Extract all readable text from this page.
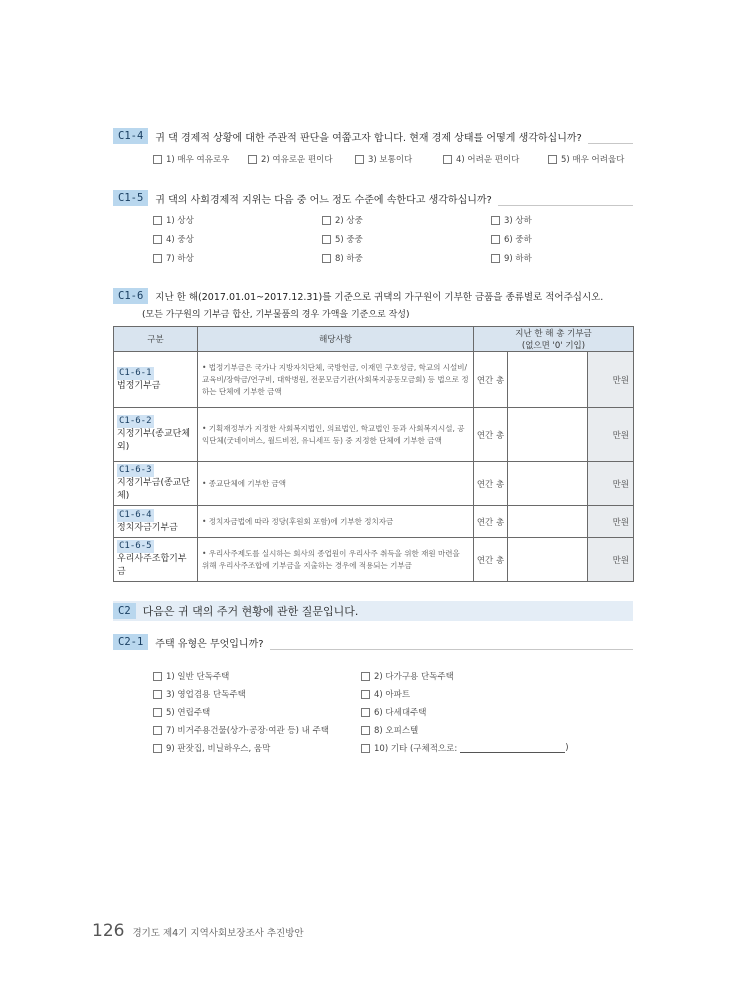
C1-4	귀 댁 경제적 상황에 대한 주관적 판단을 여쭙고자 합니다. 현재 경제 상태를 어떻게 생각하십니까?
1) 매우 여유로우	2) 여유로운 편이다	3) 보통이다	4) 어려운 편이다	5) 매우 어려웁다
C1-5	귀 댁의 사회경제적 지위는 다음 중 어느 정도 수준에 속한다고 생각하십니까?
1) 상상	2) 상중	3) 상하
4) 중상	5) 중중	6) 중하
7) 하상	8) 하중	9) 하하
C1-6	지난 한 해(2017.01.01~2017.12.31)를 기준으로 귀댁의 가구원이 기부한 금품을 종류별로 적어주십시오.
(모든 가구원의 기부금 합산, 기부물품의 경우 가액을 기준으로 작성)
구분	해당사항	지난 한 해 총 기부금
(없으면 '0' 기입)		

C1-6-1
법정기부금	• 법정기부금은 국가나 지방자치단체, 국방헌금, 이재민 구호성금, 학교의 시설비/교육비/장학금/연구비, 대학병원, 전문모금기관(사회복지공동모금회) 등 법으로 정하는 단체에 기부한 금액	연간 총		만원
C1-6-2
지정기부(종교단체 외)	• 기획재정부가 지정한 사회복지법인, 의료법인, 학교법인 등과 사회복지시설, 공익단체(굿네이버스, 월드비전, 유니세프 등) 중 지정한 단체에 기부한 금액	연간 총		만원
C1-6-3
지정기부금(종교단체)	• 종교단체에 기부한 금액	연간 총		만원
C1-6-4
정치자금기부금	• 정치자금법에 따라 정당(후원회 포함)에 기부한 정치자금	연간 총		만원
C1-6-5
우리사주조합기부금	• 우리사주제도를 실시하는 회사의 종업원이 우리사주 취득을 위한 재원 마련을 위해 우리사주조합에 기부금을 지출하는 경우에 적용되는 기부금	연간 총		만원
C2	다음은 귀 댁의 주거 현황에 관한 질문입니다.
C2-1	주택 유형은 무엇입니까?
1) 일반 단독주택	2) 다가구용 단독주택
3) 영업겸용 단독주택	4) 아파트
5) 연립주택	6) 다세대주택
7) 비거주용건물(상가·공장·여관 등) 내 주택	8) 오피스텔
9) 판잣집, 비닐하우스, 움막	10) 기타 (구체적으로:	)
126 경기도 제4기 지역사회보장조사 추진방안
